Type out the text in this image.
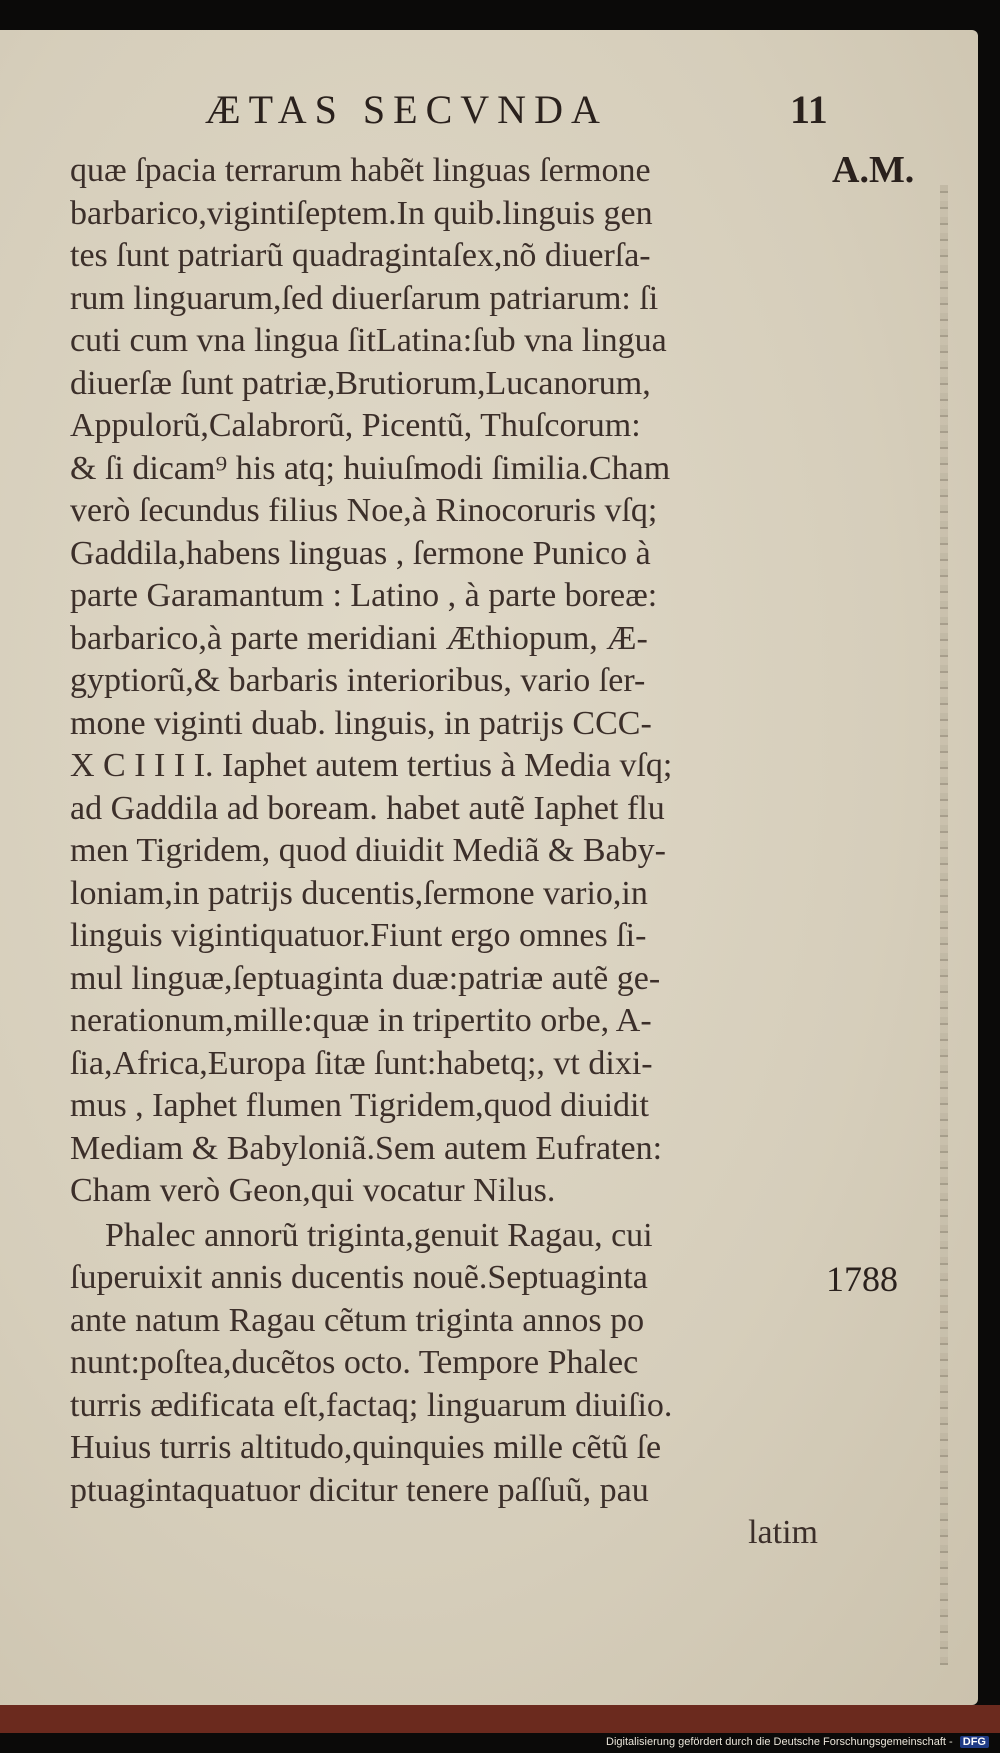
ÆTAS SECVNDA	11
A.M.
1788
quæ ſpacia terrarum habẽt linguas ſermone
barbarico,vigintiſeptem.In quib.linguis gen
tes ſunt patriarũ quadragintaſex,nõ diuerſa-
rum linguarum,ſed diuerſarum patriarum: ſi
cuti cum vna lingua ſitLatina:ſub vna lingua
diuerſæ ſunt patriæ,Brutiorum,Lucanorum,
Appulorũ,Calabrorũ, Picentũ, Thuſcorum:
& ſi dicam⁹ his atq; huiuſmodi ſimilia.Cham
verò ſecundus filius Noe,à Rinocoruris vſq;
Gaddila,habens linguas , ſermone Punico à
parte Garamantum : Latino , à parte boreæ:
barbarico,à parte meridiani Æthiopum, Æ-
gyptiorũ,& barbaris interioribus, vario ſer-
mone viginti duab. linguis, in patrijs CCC-
X C I I I I. Iaphet autem tertius à Media vſq;
ad Gaddila ad boream. habet autẽ Iaphet flu
men Tigridem, quod diuidit Mediã & Baby-
loniam,in patrijs ducentis,ſermone vario,in
linguis vigintiquatuor.Fiunt ergo omnes ſi-
mul linguæ,ſeptuaginta duæ:patriæ autẽ ge-
nerationum,mille:quæ in tripertito orbe, A-
ſia,Africa,Europa ſitæ ſunt:habetq;, vt dixi-
mus , Iaphet flumen Tigridem,quod diuidit
Mediam & Babyloniã.Sem autem Eufraten:
Cham verò Geon,qui vocatur Nilus.
Phalec annorũ triginta,genuit Ragau, cui
ſuperuixit annis ducentis nouẽ.Septuaginta
ante natum Ragau cẽtum triginta annos po
nunt:poſtea,ducẽtos octo. Tempore Phalec
turris ædificata eſt,factaq; linguarum diuiſio.
Huius turris altitudo,quinquies mille cẽtũ ſe
ptuagintaquatuor dicitur tenere paſſuũ, pau
latim
Digitalisierung gefördert durch die Deutsche Forschungsgemeinschaft - DFG
